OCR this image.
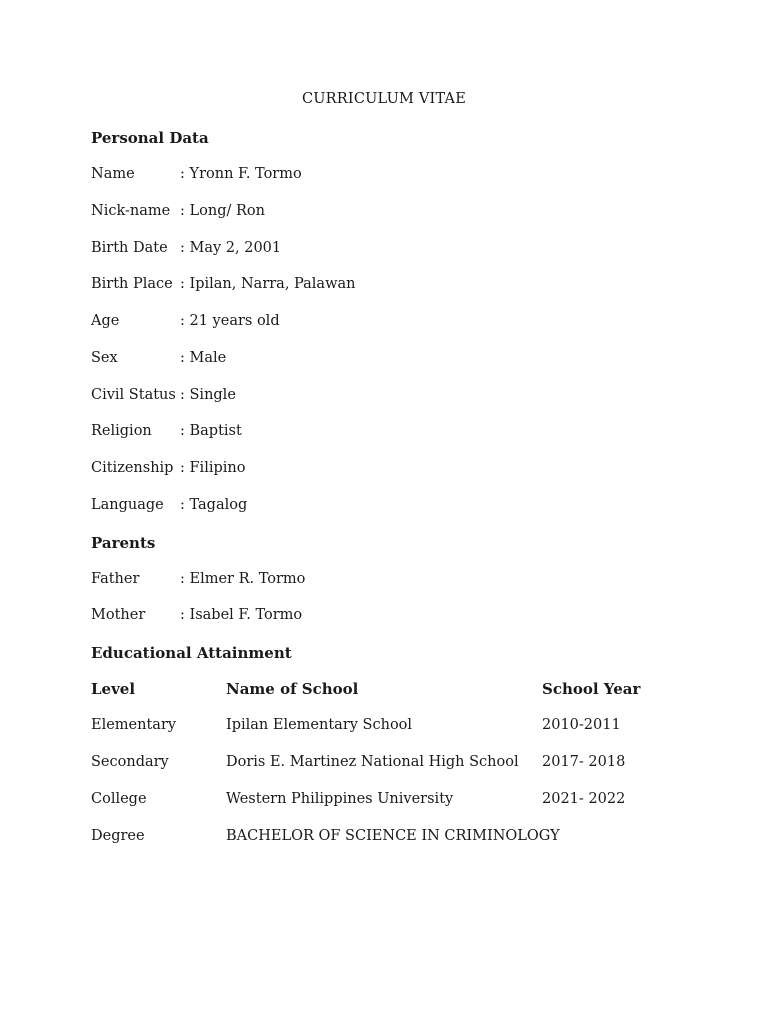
CURRICULUM VITAE
Personal Data
Name	: Yronn F. Tormo
Nick-name : Long/ Ron
Birth Date : May 2, 2001
Birth Place : Ipilan, Narra, Palawan
Age	: 21 years old
Sex	: Male
Civil Status : Single
Religion : Baptist
Citizenship : Filipino
Language : Tagalog
Parents
Father	: Elmer R. Tormo
Mother : Isabel F. Tormo
Educational Attainment
Level	Name of School	School Year
Elementary	Ipilan Elementary School	2010-2011
Secondary	Doris E. Martinez National High School 2017- 2018
College	Western Philippines University	2021- 2022
Degree	BACHELOR OF SCIENCE IN CRIMINOLOGY
